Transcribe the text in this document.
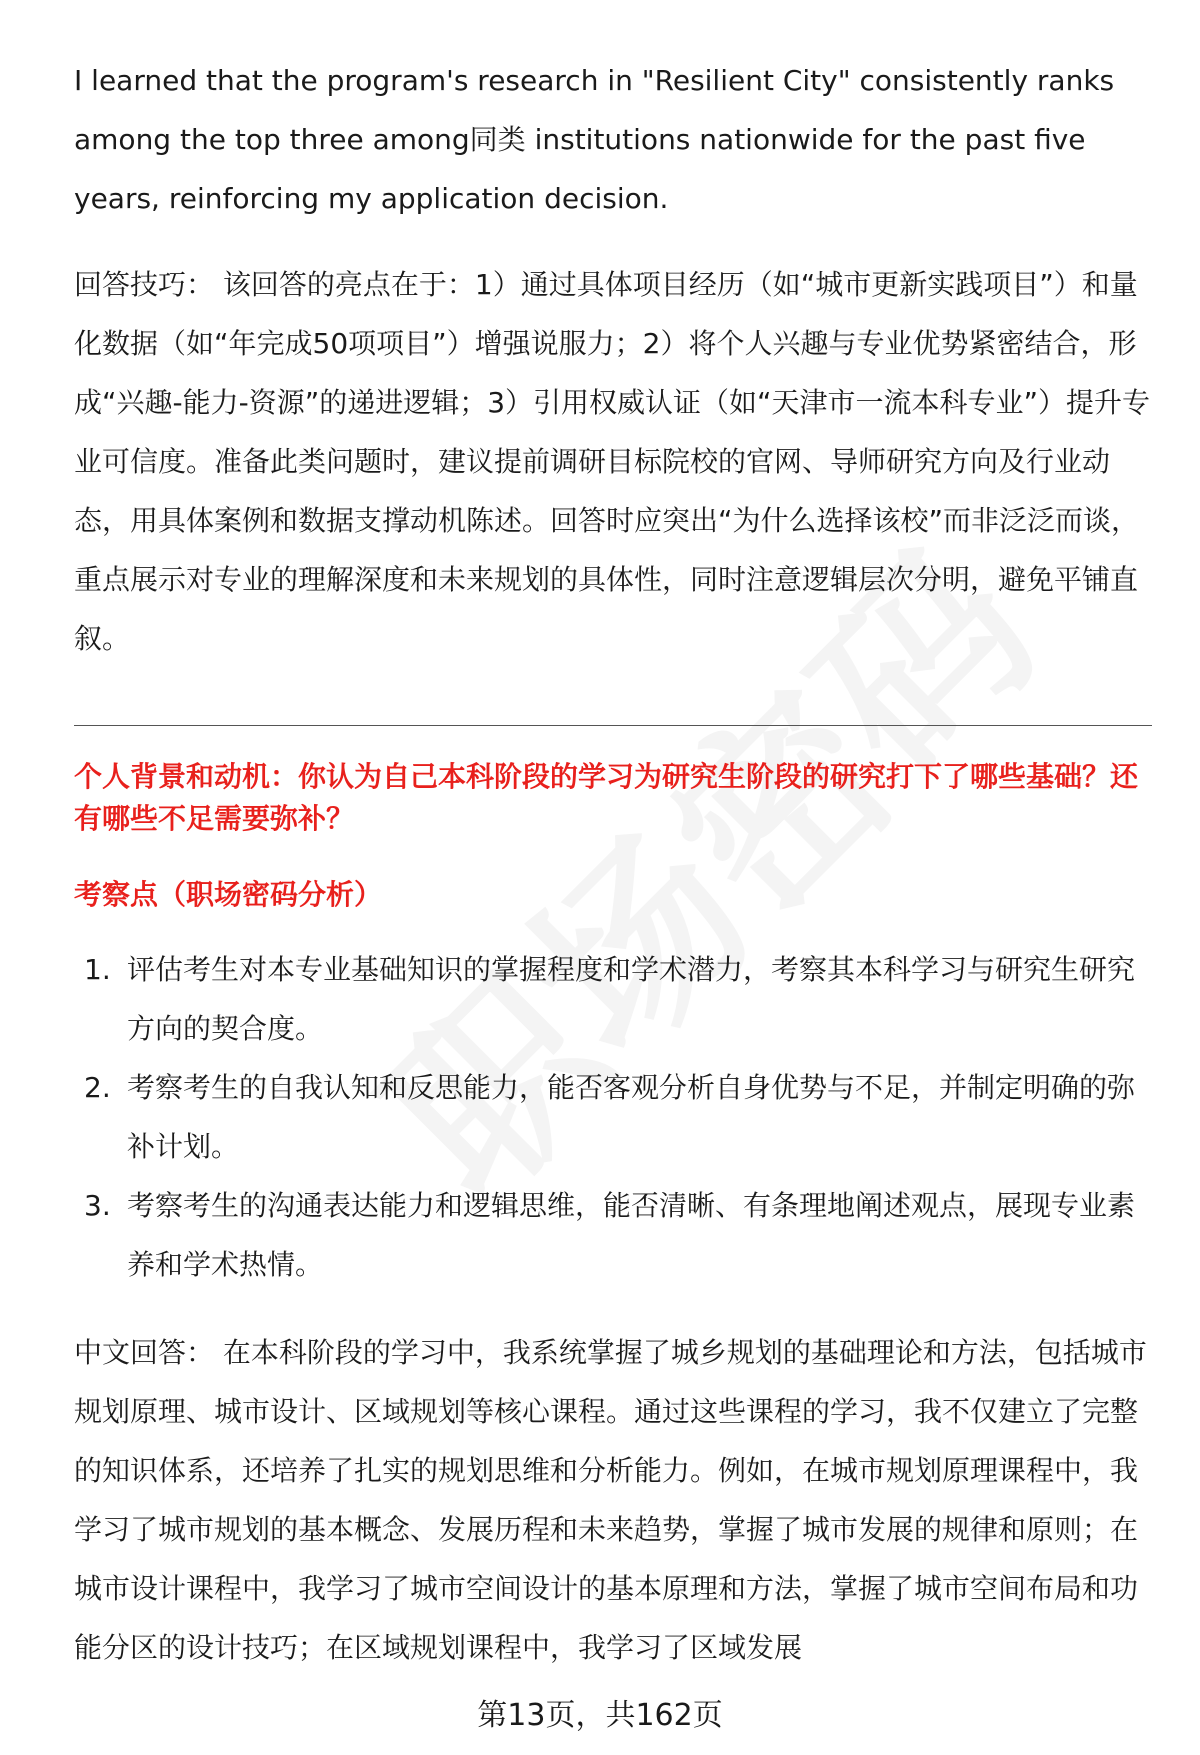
I learned that the program's research in "Resilient City" consistently ranks among the top three among同类 institutions nationwide for the past five years, reinforcing my application decision.

回答技巧： 该回答的亮点在于：1）通过具体项目经历（如“城市更新实践项目”）和量化数据（如“年完成50项项目”）增强说服力；2）将个人兴趣与专业优势紧密结合，形成“兴趣-能力-资源”的递进逻辑；3）引用权威认证（如“天津市一流本科专业”）提升专业可信度。准备此类问题时，建议提前调研目标院校的官网、导师研究方向及行业动态，用具体案例和数据支撑动机陈述。回答时应突出“为什么选择该校”而非泛泛而谈，重点展示对专业的理解深度和未来规划的具体性，同时注意逻辑层次分明，避免平铺直叙。

个人背景和动机：你认为自己本科阶段的学习为研究生阶段的研究打下了哪些基础？还有哪些不足需要弥补？

考察点（职场密码分析）

1. 评估考生对本专业基础知识的掌握程度和学术潜力，考察其本科学习与研究生研究方向的契合度。
2. 考察考生的自我认知和反思能力，能否客观分析自身优势与不足，并制定明确的弥补计划。
3. 考察考生的沟通表达能力和逻辑思维，能否清晰、有条理地阐述观点，展现专业素养和学术热情。

中文回答： 在本科阶段的学习中，我系统掌握了城乡规划的基础理论和方法，包括城市规划原理、城市设计、区域规划等核心课程。通过这些课程的学习，我不仅建立了完整的知识体系，还培养了扎实的规划思维和分析能力。例如，在城市规划原理课程中，我学习了城市规划的基本概念、发展历程和未来趋势，掌握了城市发展的规律和原则；在城市设计课程中，我学习了城市空间设计的基本原理和方法，掌握了城市空间布局和功能分区的设计技巧；在区域规划课程中，我学习了区域发展

第13页，共162页
